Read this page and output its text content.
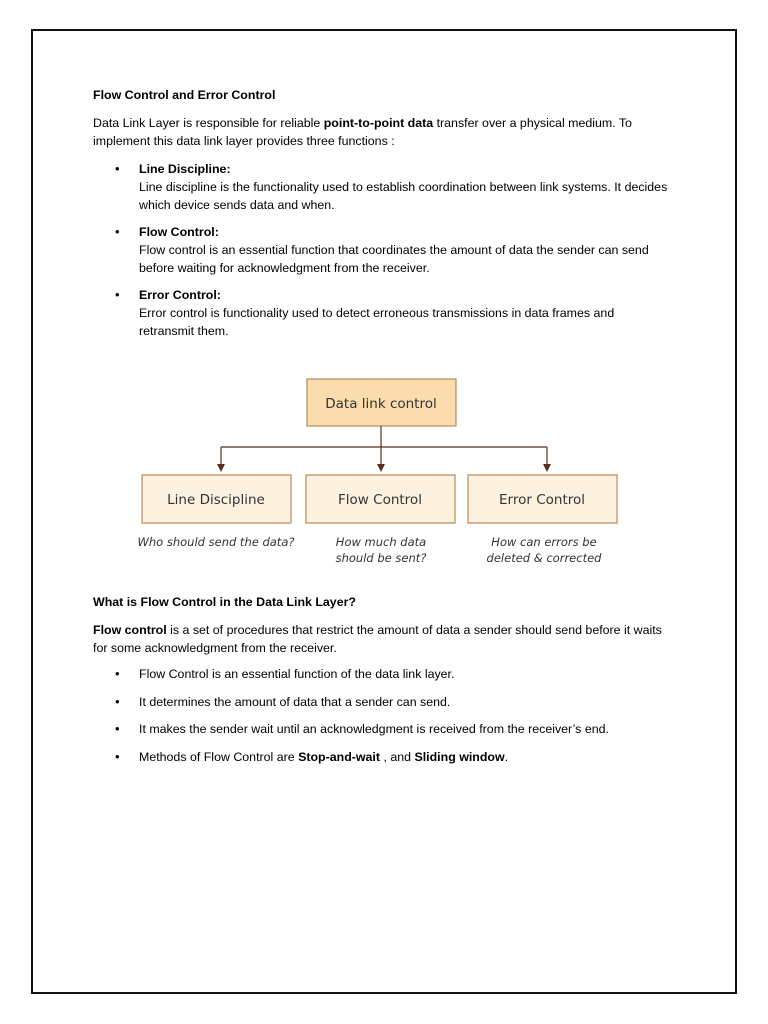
Flow Control and Error Control

Data Link Layer is responsible for reliable point-to-point data transfer over a physical medium. To implement this data link layer provides three functions :

• Line Discipline:
Line discipline is the functionality used to establish coordination between link systems. It decides which device sends data and when.
• Flow Control:
Flow control is an essential function that coordinates the amount of data the sender can send before waiting for acknowledgment from the receiver.
• Error Control:
Error control is functionality used to detect erroneous transmissions in data frames and retransmit them.
Data link control
Line Discipline	Flow Control	Error Control
Who should send the data?	How much data
should be sent?
How can errors be
deleted & corrected
What is Flow Control in the Data Link Layer?

Flow control is a set of procedures that restrict the amount of data a sender should send before it waits for some acknowledgment from the receiver.

• Flow Control is an essential function of the data link layer.
• It determines the amount of data that a sender can send.
• It makes the sender wait until an acknowledgment is received from the receiver’s end.
• Methods of Flow Control are Stop-and-wait , and Sliding window.
